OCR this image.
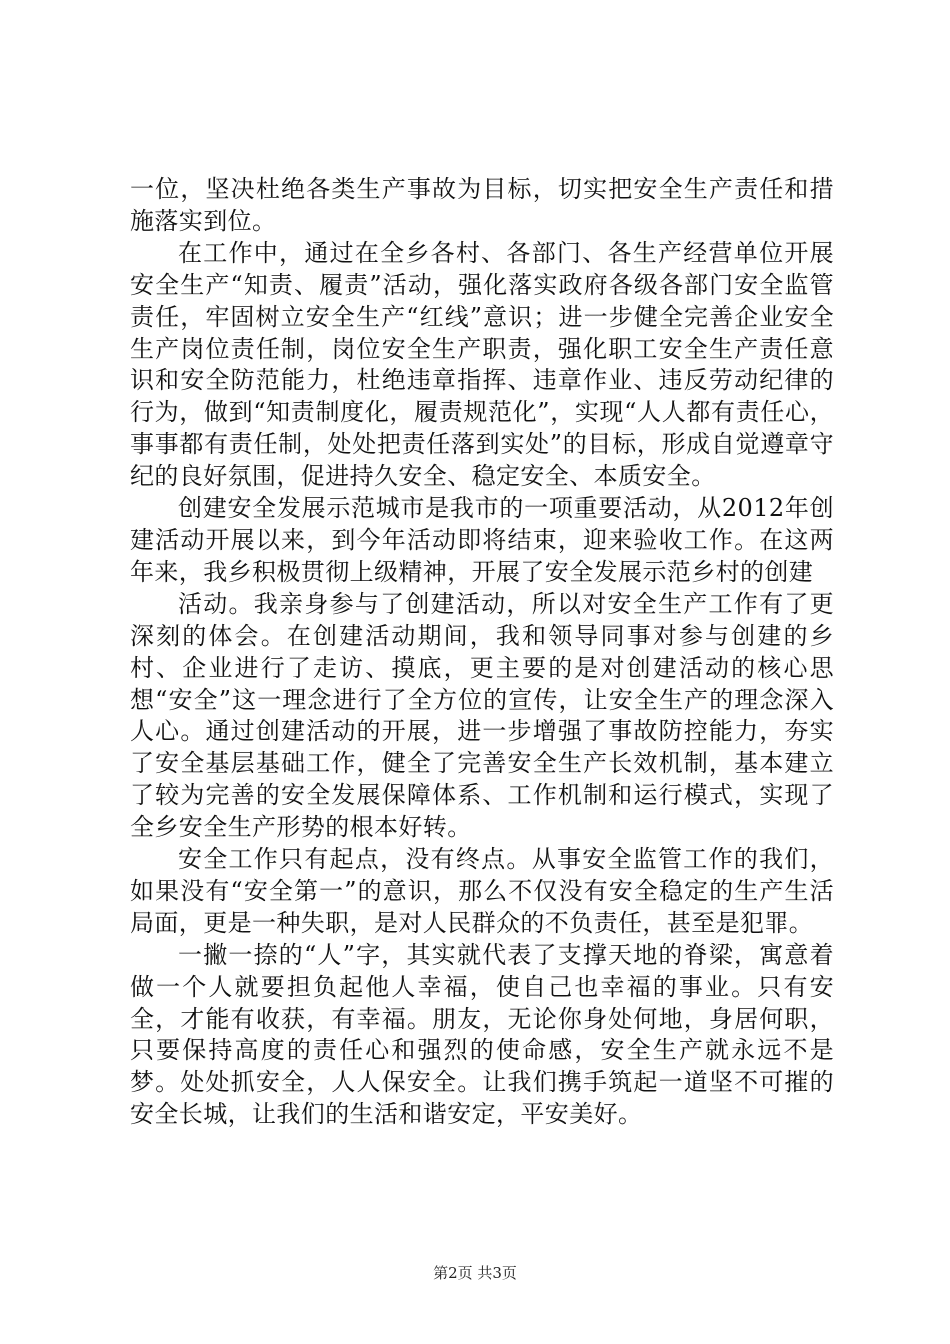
一位，坚决杜绝各类生产事故为目标，切实把安全生产责任和措施落实到位。

在工作中，通过在全乡各村、各部门、各生产经营单位开展安全生产“知责、履责”活动，强化落实政府各级各部门安全监管责任，牢固树立安全生产“红线”意识；进一步健全完善企业安全生产岗位责任制，岗位安全生产职责，强化职工安全生产责任意识和安全防范能力，杜绝违章指挥、违章作业、违反劳动纪律的行为，做到“知责制度化，履责规范化”，实现“人人都有责任心，事事都有责任制，处处把责任落到实处”的目标，形成自觉遵章守纪的良好氛围，促进持久安全、稳定安全、本质安全。

创建安全发展示范城市是我市的一项重要活动，从2012年创建活动开展以来，到今年活动即将结束，迎来验收工作。在这两年来，我乡积极贯彻上级精神，开展了安全发展示范乡村的创建

活动。我亲身参与了创建活动，所以对安全生产工作有了更深刻的体会。在创建活动期间，我和领导同事对参与创建的乡村、企业进行了走访、摸底，更主要的是对创建活动的核心思想“安全”这一理念进行了全方位的宣传，让安全生产的理念深入人心。通过创建活动的开展，进一步增强了事故防控能力，夯实了安全基层基础工作，健全了完善安全生产长效机制，基本建立了较为完善的安全发展保障体系、工作机制和运行模式，实现了全乡安全生产形势的根本好转。

安全工作只有起点，没有终点。从事安全监管工作的我们，如果没有“安全第一”的意识，那么不仅没有安全稳定的生产生活局面，更是一种失职，是对人民群众的不负责任，甚至是犯罪。

一撇一捺的“人”字，其实就代表了支撑天地的脊梁，寓意着做一个人就要担负起他人幸福，使自己也幸福的事业。只有安全，才能有收获，有幸福。朋友，无论你身处何地，身居何职，只要保持高度的责任心和强烈的使命感，安全生产就永远不是梦。处处抓安全，人人保安全。让我们携手筑起一道坚不可摧的安全长城，让我们的生活和谐安定，平安美好。

第2页 共3页
